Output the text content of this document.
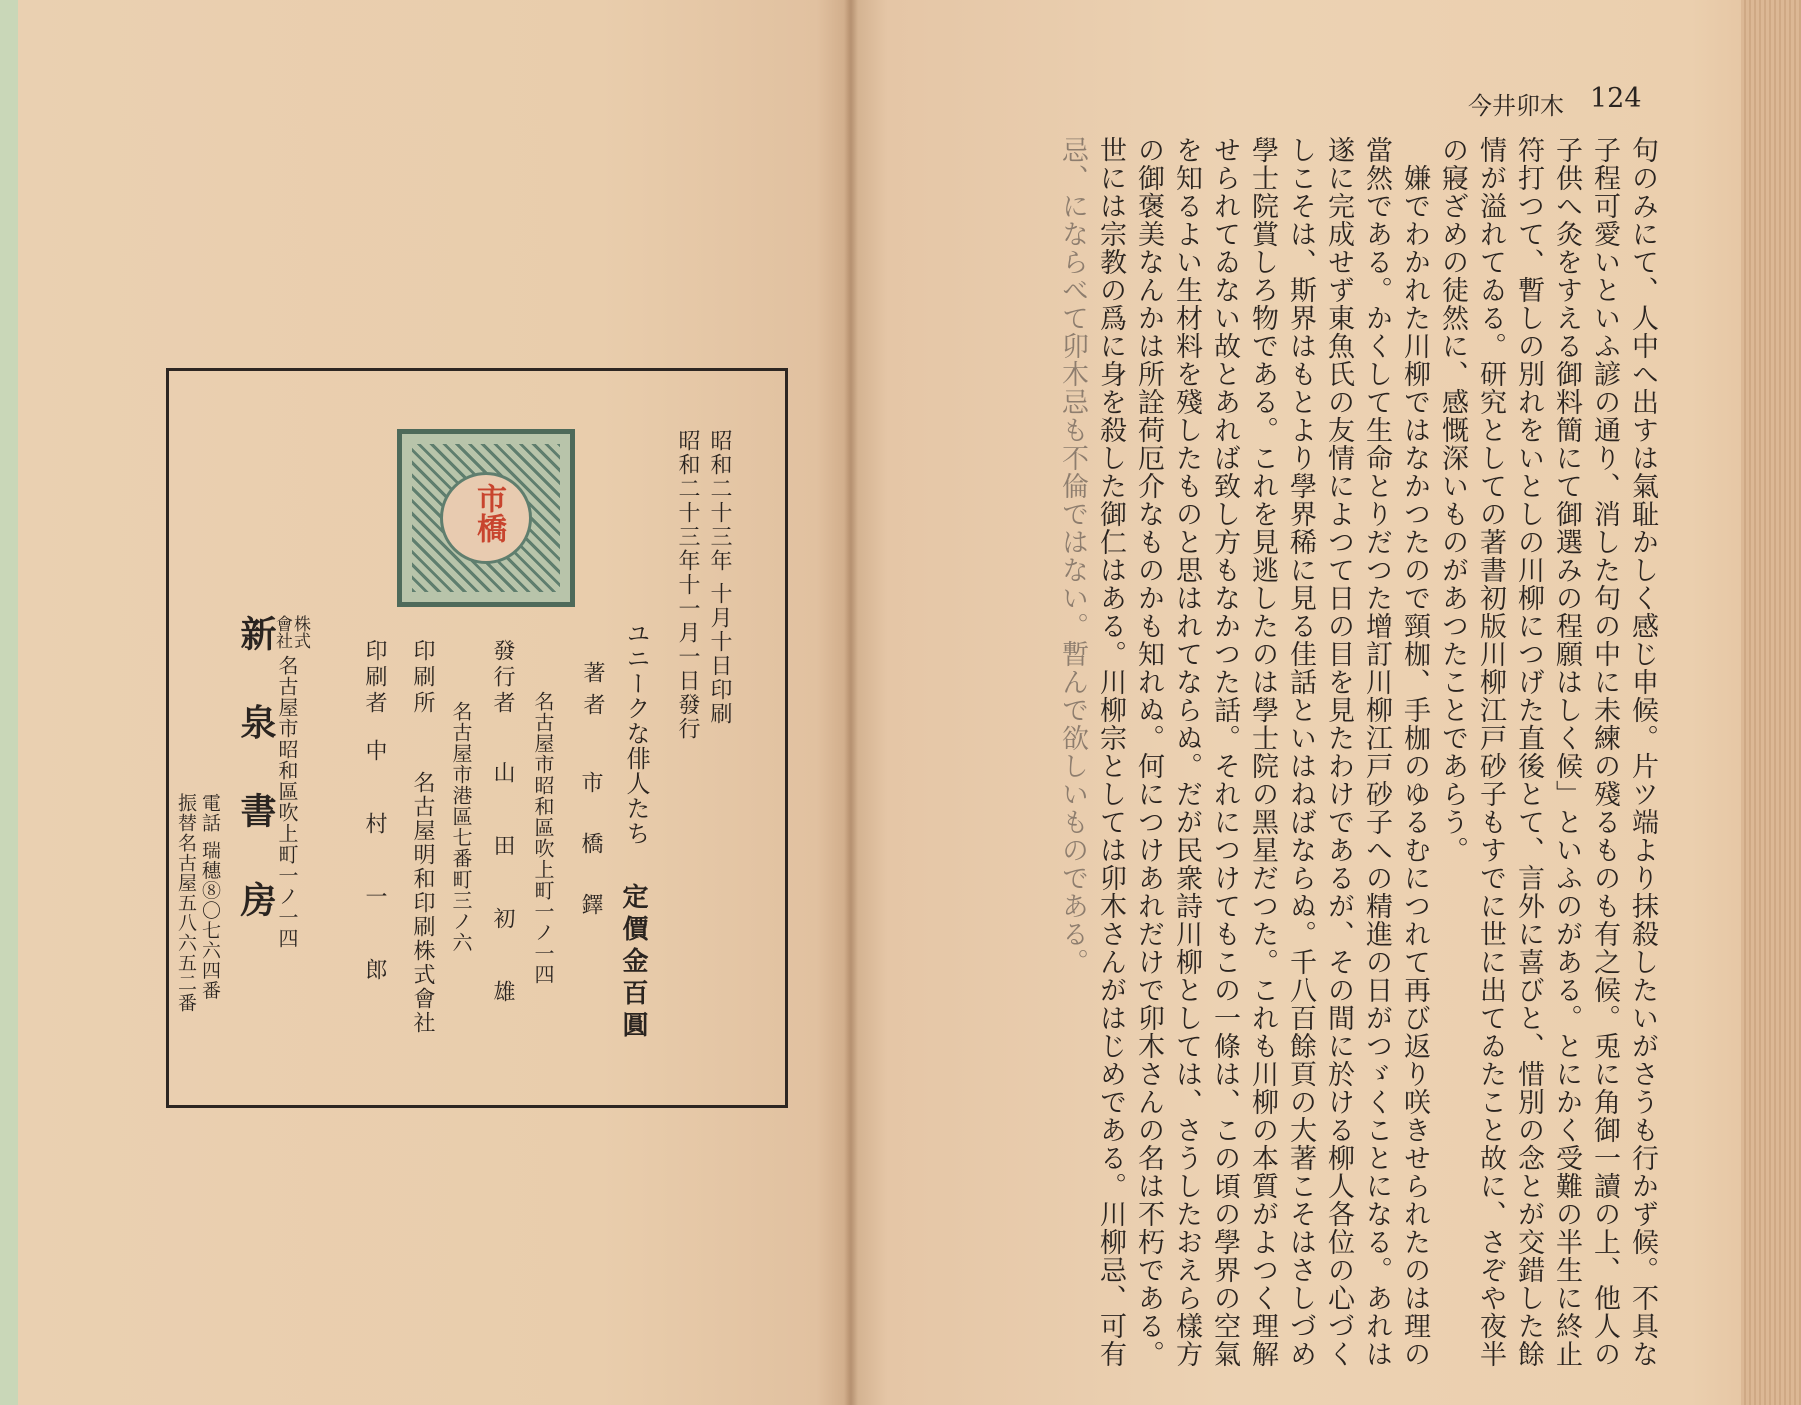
市橋	昭和二十三年 十月十日印刷

昭和二十三年十一月一日發行

ユニークな俳人たち

定價金百圓

著者

市 橋 鐸

名古屋市昭和區吹上町一ノ一四

發行者

山 田 初 雄

名古屋市港區七番町三ノ六

印刷所

名古屋明和印刷株式會社

印刷者

中 村 一 郎

株式會社

新 泉 書 房

名古屋市昭和區吹上町一ノ一四

電話 瑞穗⑧〇七六四番

振替名古屋五八六五二番

今井卯木 124

句のみにて、人中へ出すは氣耻かしく感じ申候。片ツ端より抹殺したいがさうも行かず候。不具な

子程可愛いといふ諺の通り、消した句の中に未練の殘るものも有之候。兎に角御一讀の上、他人の

子供へ灸をすえる御料簡にて御選みの程願はしく候」といふのがある。とにかく受難の半生に終止

符打つて、暫しの別れをいとしの川柳につげた直後とて、言外に喜びと、惜別の念とが交錯した餘

情が溢れてゐる。研究としての著書初版川柳江戸砂子もすでに世に出てゐたこと故に、さぞや夜半

の寢ざめの徒然に、感慨深いものがあつたことであらう。

　嫌でわかれた川柳ではなかつたので頸枷、手枷のゆるむにつれて再び返り咲きせられたのは理の

當然である。かくして生命とりだつた增訂川柳江戸砂子への精進の日がつゞくことになる。あれは

遂に完成せず東魚氏の友情によつて日の目を見たわけであるが、その間に於ける柳人各位の心づく

しこそは、斯界はもとより學界稀に見る佳話といはねばならぬ。千八百餘頁の大著こそはさしづめ

學士院賞しろ物である。これを見逃したのは學士院の黑星だつた。これも川柳の本質がよつく理解

せられてゐない故とあれば致し方もなかつた話。それにつけてもこの一條は、この頃の學界の空氣

を知るよい生材料を殘したものと思はれてならぬ。だが民衆詩川柳としては、さうしたおえら樣方

の御褒美なんかは所詮荷厄介なものかも知れぬ。何につけあれだけで卯木さんの名は不朽である。

世には宗教の爲に身を殺した御仁はある。川柳宗としては卯木さんがはじめである。川柳忌、可有

忌、にならべて卯木忌も不倫ではない。暫んで欲しいものである。
